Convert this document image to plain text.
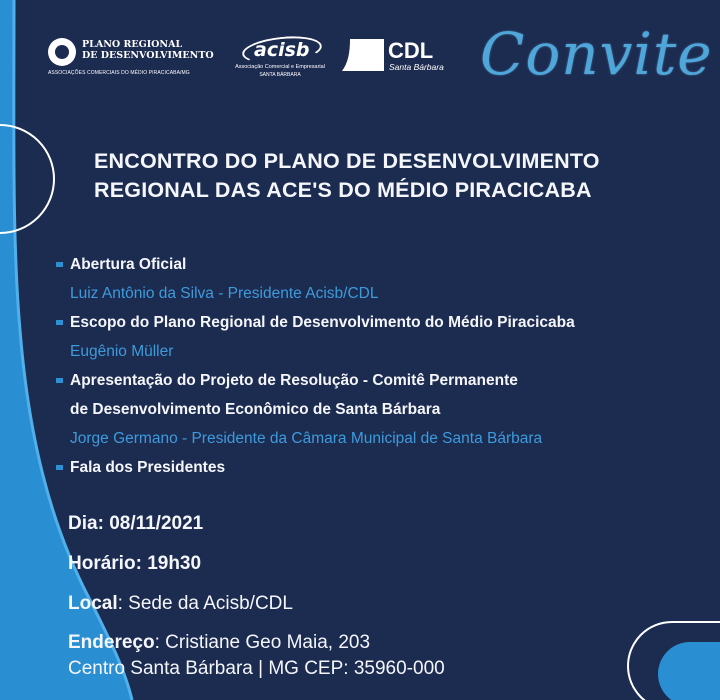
PLANO REGIONAL
DE DESENVOLVIMENTO
ASSOCIAÇÕES COMERCIAIS DO MÉDIO PIRACICABA/MG
acisb
Associação Comercial e Empresarial
SANTA BÁRBARA
CDL
Santa Bárbara Convite
ENCONTRO DO PLANO DE DESENVOLVIMENTO
REGIONAL DAS ACE'S DO MÉDIO PIRACICABA
Abertura Oficial
Luiz Antônio da Silva - Presidente Acisb/CDL
Escopo do Plano Regional de Desenvolvimento do Médio Piracicaba
Eugênio Müller
Apresentação do Projeto de Resolução - Comitê Permanente
de Desenvolvimento Econômico de Santa Bárbara
Jorge Germano - Presidente da Câmara Municipal de Santa Bárbara
Fala dos Presidentes
Dia: 08/11/2021
Horário: 19h30
Local: Sede da Acisb/CDL
Endereço: Cristiane Geo Maia, 203
Centro Santa Bárbara | MG CEP: 35960-000
